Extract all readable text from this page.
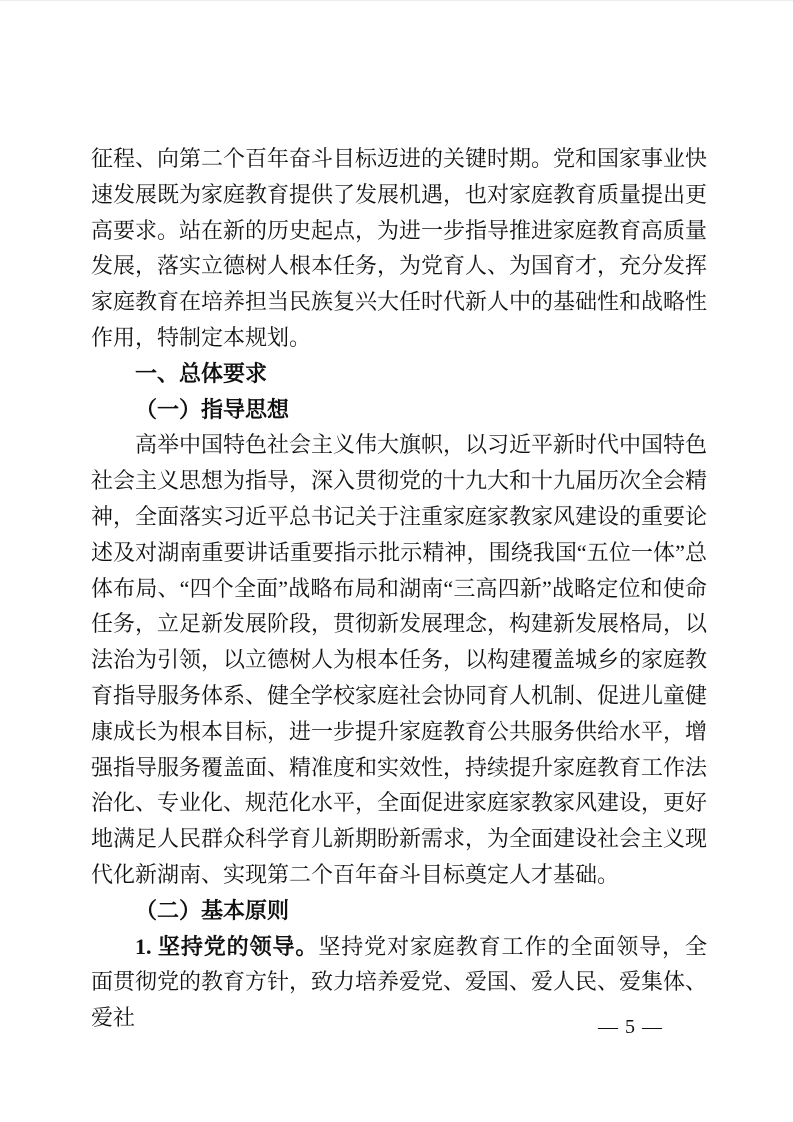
征程、向第二个百年奋斗目标迈进的关键时期。党和国家事业快速发展既为家庭教育提供了发展机遇，也对家庭教育质量提出更高要求。站在新的历史起点，为进一步指导推进家庭教育高质量发展，落实立德树人根本任务，为党育人、为国育才，充分发挥家庭教育在培养担当民族复兴大任时代新人中的基础性和战略性作用，特制定本规划。

一、总体要求
（一）指导思想

高举中国特色社会主义伟大旗帜，以习近平新时代中国特色社会主义思想为指导，深入贯彻党的十九大和十九届历次全会精神，全面落实习近平总书记关于注重家庭家教家风建设的重要论述及对湖南重要讲话重要指示批示精神，围绕我国“五位一体”总体布局、“四个全面”战略布局和湖南“三高四新”战略定位和使命任务，立足新发展阶段，贯彻新发展理念，构建新发展格局，以法治为引领，以立德树人为根本任务，以构建覆盖城乡的家庭教育指导服务体系、健全学校家庭社会协同育人机制、促进儿童健康成长为根本目标，进一步提升家庭教育公共服务供给水平，增强指导服务覆盖面、精准度和实效性，持续提升家庭教育工作法治化、专业化、规范化水平，全面促进家庭家教家风建设，更好地满足人民群众科学育儿新期盼新需求，为全面建设社会主义现代化新湖南、实现第二个百年奋斗目标奠定人才基础。

（二）基本原则

1. 坚持党的领导。坚持党对家庭教育工作的全面领导，全面贯彻党的教育方针，致力培养爱党、爱国、爱人民、爱集体、爱社	— 5 —
